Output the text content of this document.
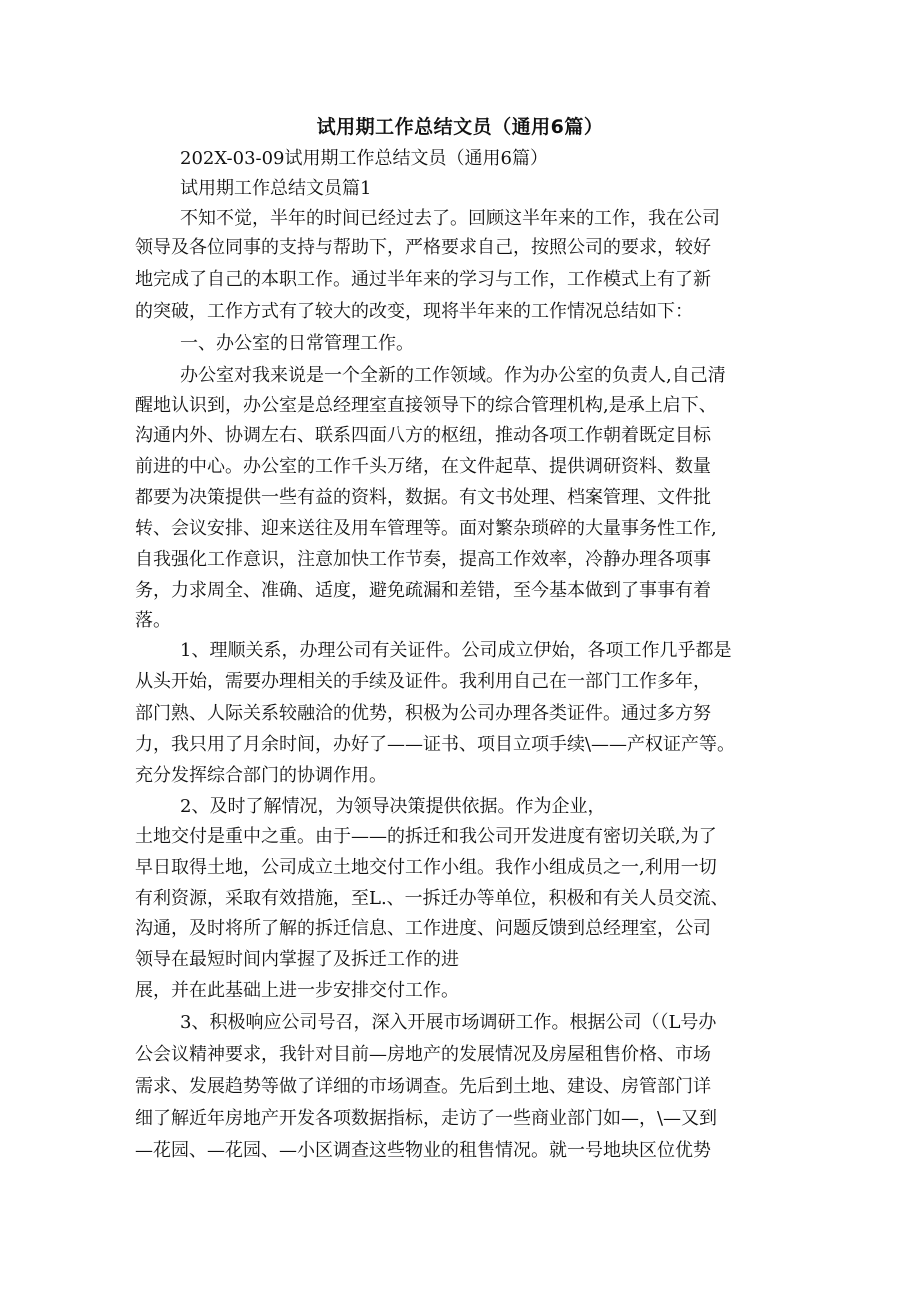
试用期工作总结文员（通用6篇）
202X-03-09试用期工作总结文员（通用6篇）
试用期工作总结文员篇1
不知不觉，半年的时间已经过去了。回顾这半年来的工作，我在公司
领导及各位同事的支持与帮助下，严格要求自己，按照公司的要求，较好
地完成了自己的本职工作。通过半年来的学习与工作，工作模式上有了新
的突破，工作方式有了较大的改变，现将半年来的工作情况总结如下：
一、办公室的日常管理工作。
办公室对我来说是一个全新的工作领域。作为办公室的负责人,自己清
醒地认识到，办公室是总经理室直接领导下的综合管理机构,是承上启下、
沟通内外、协调左右、联系四面八方的枢纽，推动各项工作朝着既定目标
前进的中心。办公室的工作千头万绪，在文件起草、提供调研资料、数量
都要为决策提供一些有益的资料，数据。有文书处理、档案管理、文件批
转、会议安排、迎来送往及用车管理等。面对繁杂琐碎的大量事务性工作,
自我强化工作意识，注意加快工作节奏，提高工作效率，冷静办理各项事
务，力求周全、准确、适度，避免疏漏和差错，至今基本做到了事事有着
落。
1、理顺关系，办理公司有关证件。公司成立伊始，各项工作几乎都是
从头开始，需要办理相关的手续及证件。我利用自己在一部门工作多年，
部门熟、人际关系较融洽的优势，积极为公司办理各类证件。通过多方努
力，我只用了月余时间，办好了——证书、项目立项手续\——产权证产等。
充分发挥综合部门的协调作用。
2、及时了解情况，为领导决策提供依据。作为企业，
土地交付是重中之重。由于——的拆迁和我公司开发进度有密切关联,为了
早日取得土地，公司成立土地交付工作小组。我作小组成员之一,利用一切
有利资源，采取有效措施，至L.、一拆迁办等单位，积极和有关人员交流、
沟通，及时将所了解的拆迁信息、工作进度、问题反馈到总经理室，公司
领导在最短时间内掌握了及拆迁工作的进
展，并在此基础上进一步安排交付工作。
3、积极响应公司号召，深入开展市场调研工作。根据公司（（L号办
公会议精神要求，我针对目前—房地产的发展情况及房屋租售价格、市场
需求、发展趋势等做了详细的市场调查。先后到土地、建设、房管部门详
细了解近年房地产开发各项数据指标，走访了一些商业部门如—，\—又到
—花园、—花园、—小区调查这些物业的租售情况。就一号地块区位优势
